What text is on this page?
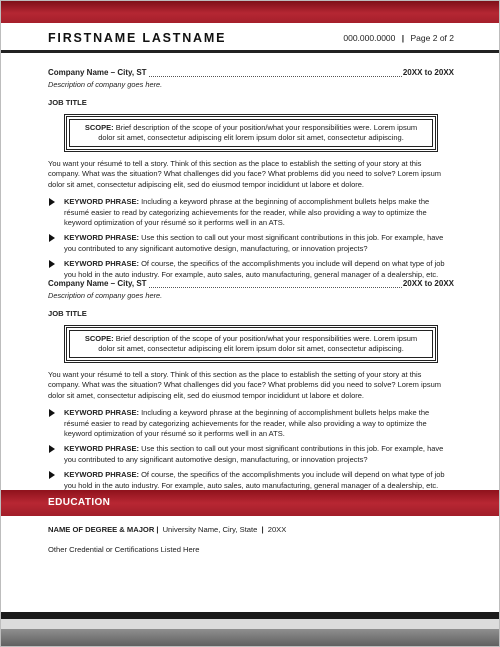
FIRSTNAME LASTNAME	000.000.0000 | Page 2 of 2
Company Name – City, ST	20XX to 20XX
Description of company goes here.
JOB TITLE
SCOPE: Brief description of the scope of your position/what your responsibilities were. Lorem ipsum dolor sit amet, consectetur adipiscing elit lorem ipsum dolor sit amet, consectetur adipiscing.
You want your résumé to tell a story. Think of this section as the place to establish the setting of your story at this company. What was the situation? What challenges did you face? What problems did you need to solve? Lorem ipsum dolor sit amet, consectetur adipiscing elit, sed do eiusmod tempor incididunt ut labore et dolore.
KEYWORD PHRASE: Including a keyword phrase at the beginning of accomplishment bullets helps make the résumé easier to read by categorizing achievements for the reader, while also providing a way to optimize the keyword optimization of your résumé so it performs well in an ATS.
KEYWORD PHRASE: Use this section to call out your most significant contributions in this job. For example, have you contributed to any significant automotive design, manufacturing, or innovation projects?
KEYWORD PHRASE: Of course, the specifics of the accomplishments you include will depend on what type of job you hold in the auto industry. For example, auto sales, auto manufacturing, general manager of a dealership, etc.
Company Name – City, ST	20XX to 20XX
Description of company goes here.
JOB TITLE
SCOPE: Brief description of the scope of your position/what your responsibilities were. Lorem ipsum dolor sit amet, consectetur adipiscing elit lorem ipsum dolor sit amet, consectetur adipiscing.
You want your résumé to tell a story. Think of this section as the place to establish the setting of your story at this company. What was the situation? What challenges did you face? What problems did you need to solve? Lorem ipsum dolor sit amet, consectetur adipiscing elit, sed do eiusmod tempor incididunt ut labore et dolore.
KEYWORD PHRASE: Including a keyword phrase at the beginning of accomplishment bullets helps make the résumé easier to read by categorizing achievements for the reader, while also providing a way to optimize the keyword optimization of your résumé so it performs well in an ATS.
KEYWORD PHRASE: Use this section to call out your most significant contributions in this job. For example, have you contributed to any significant automotive design, manufacturing, or innovation projects?
KEYWORD PHRASE: Of course, the specifics of the accomplishments you include will depend on what type of job you hold in the auto industry. For example, auto sales, auto manufacturing, general manager of a dealership, etc.
EDUCATION
NAME OF DEGREE & MAJOR | University Name, Ciry, State | 20XX
Other Credential or Certifications Listed Here
